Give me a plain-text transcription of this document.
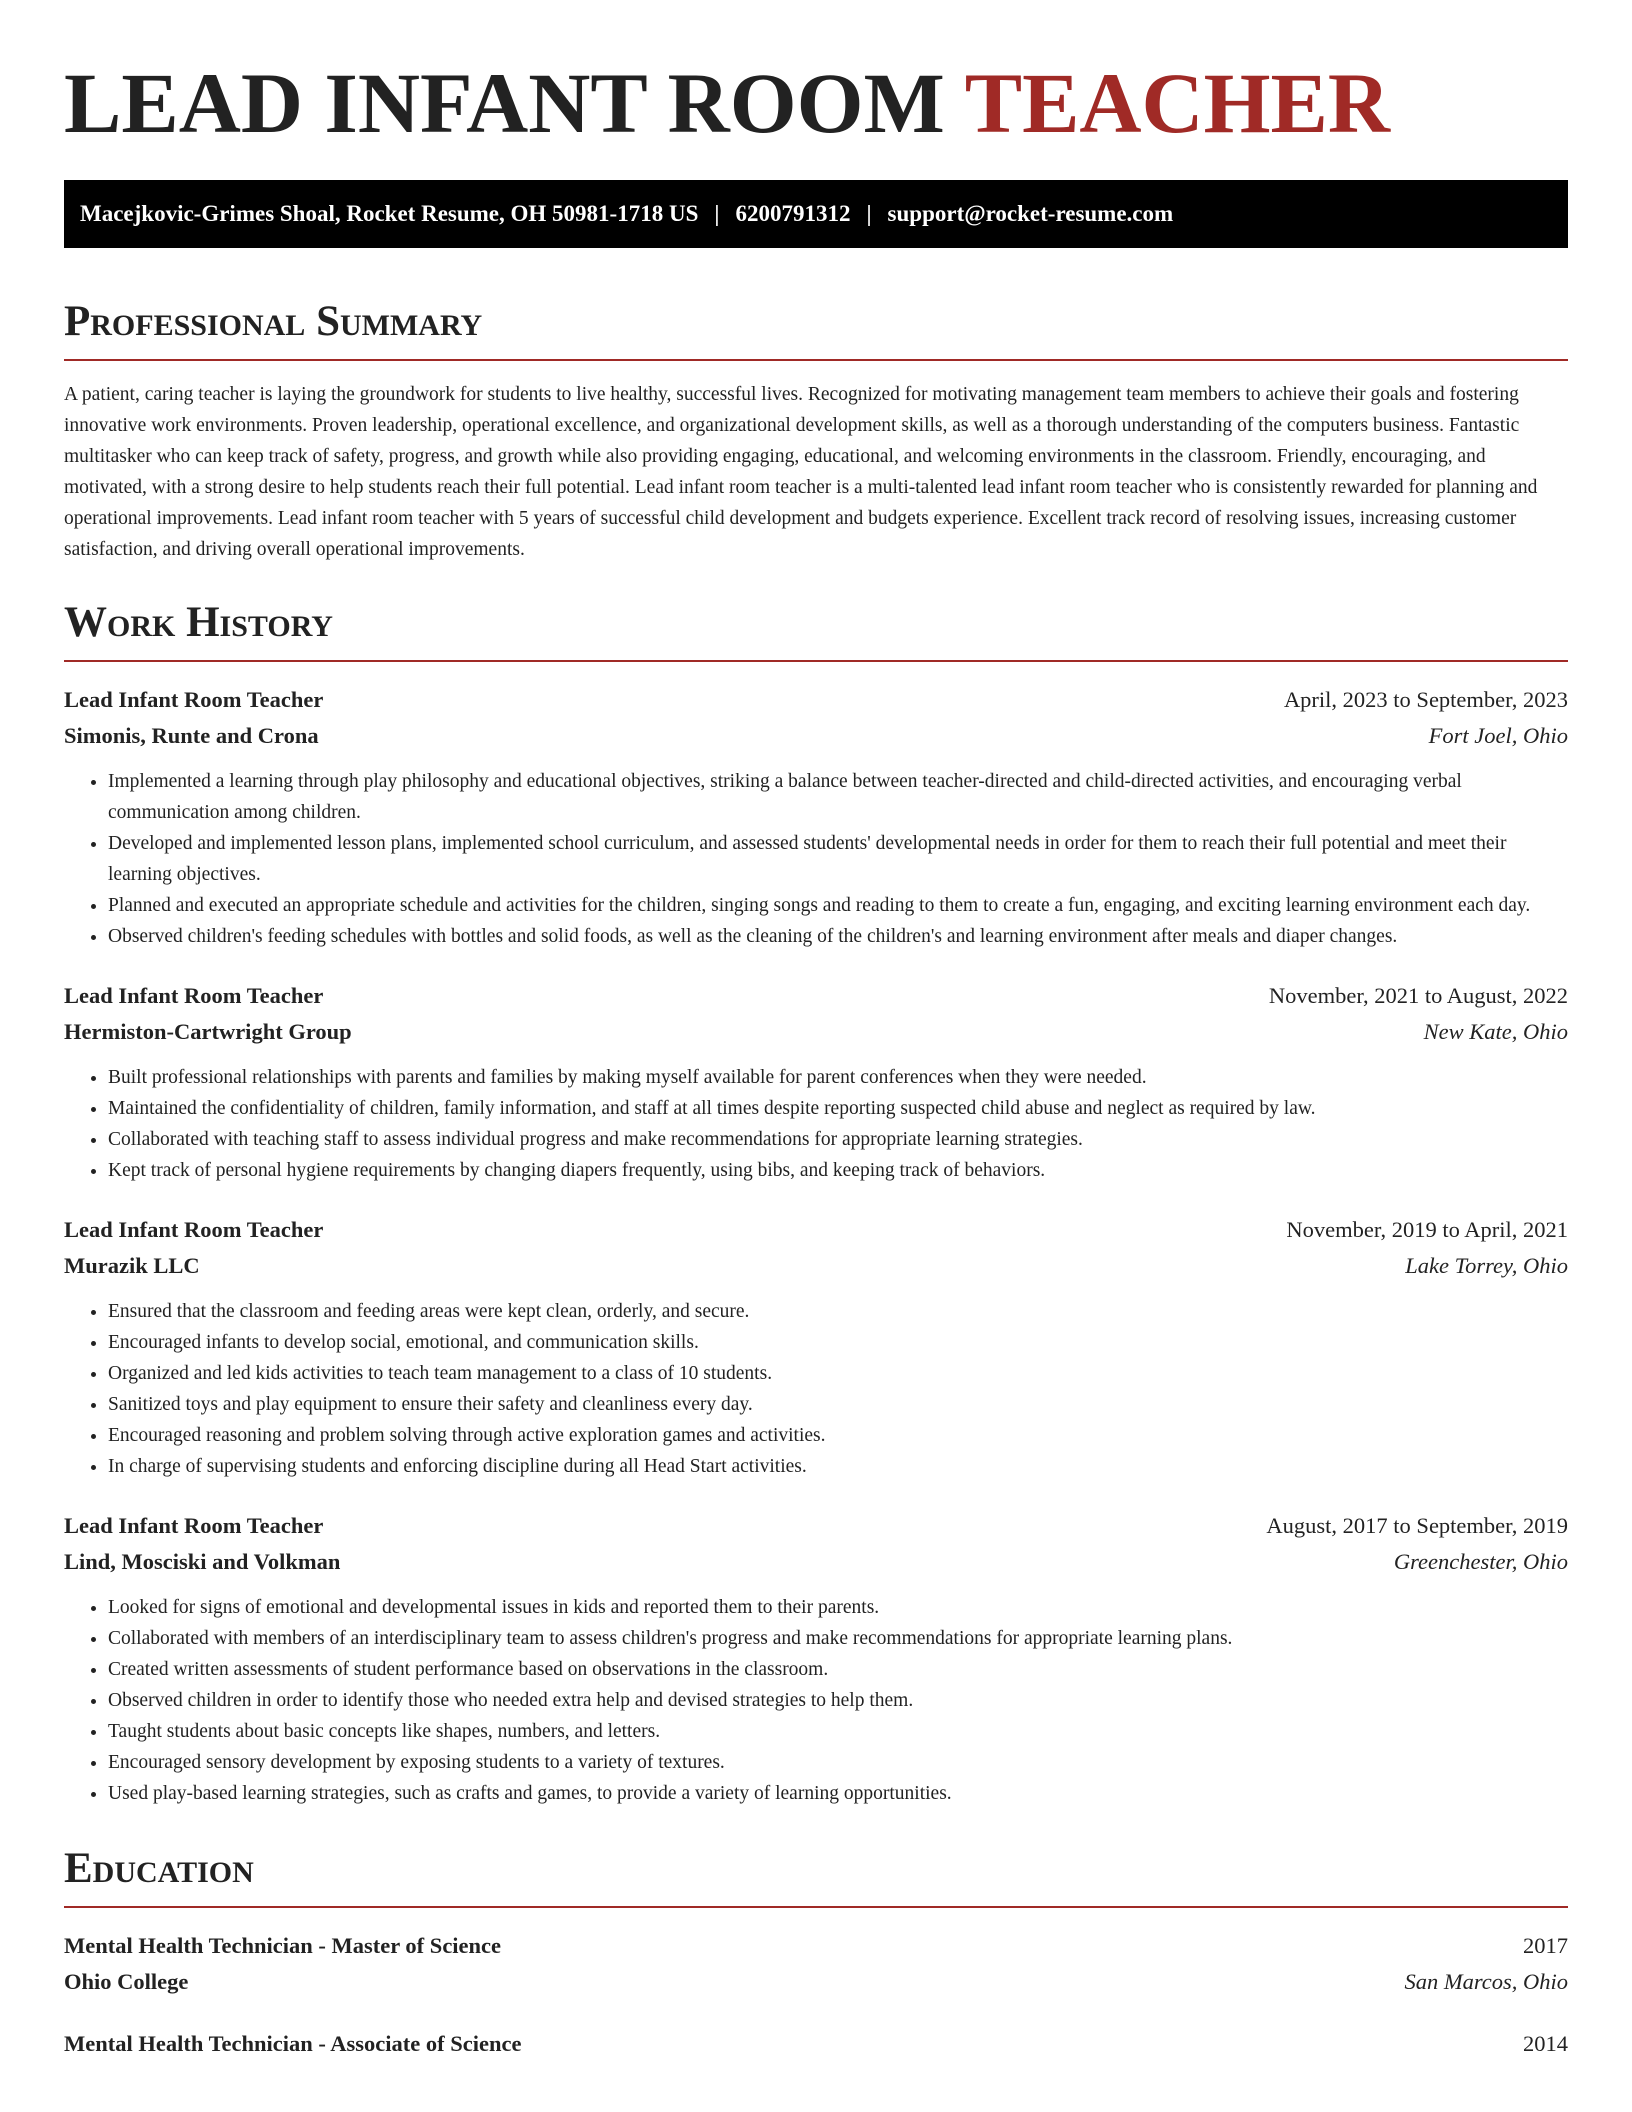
LEAD INFANT ROOM TEACHER
Macejkovic-Grimes Shoal, Rocket Resume, OH 50981-1718 US | 6200791312 | support@rocket-resume.com
Professional Summary

A patient, caring teacher is laying the groundwork for students to live healthy, successful lives. Recognized for motivating management team members to achieve their goals and fostering innovative work environments. Proven leadership, operational excellence, and organizational development skills, as well as a thorough understanding of the computers business. Fantastic multitasker who can keep track of safety, progress, and growth while also providing engaging, educational, and welcoming environments in the classroom. Friendly, encouraging, and motivated, with a strong desire to help students reach their full potential. Lead infant room teacher is a multi-talented lead infant room teacher who is consistently rewarded for planning and operational improvements. Lead infant room teacher with 5 years of successful child development and budgets experience. Excellent track record of resolving issues, increasing customer satisfaction, and driving overall operational improvements.

Work History
Lead Infant Room Teacher	April, 2023 to September, 2023
Simonis, Runte and Crona	Fort Joel, Ohio
• Implemented a learning through play philosophy and educational objectives, striking a balance between teacher-directed and child-directed activities, and encouraging verbal communication among children.
• Developed and implemented lesson plans, implemented school curriculum, and assessed students' developmental needs in order for them to reach their full potential and meet their learning objectives.
• Planned and executed an appropriate schedule and activities for the children, singing songs and reading to them to create a fun, engaging, and exciting learning environment each day.
• Observed children's feeding schedules with bottles and solid foods, as well as the cleaning of the children's and learning environment after meals and diaper changes.
Lead Infant Room Teacher	November, 2021 to August, 2022
Hermiston-Cartwright Group	New Kate, Ohio
• Built professional relationships with parents and families by making myself available for parent conferences when they were needed.
• Maintained the confidentiality of children, family information, and staff at all times despite reporting suspected child abuse and neglect as required by law.
• Collaborated with teaching staff to assess individual progress and make recommendations for appropriate learning strategies.
• Kept track of personal hygiene requirements by changing diapers frequently, using bibs, and keeping track of behaviors.
Lead Infant Room Teacher	November, 2019 to April, 2021
Murazik LLC	Lake Torrey, Ohio
• Ensured that the classroom and feeding areas were kept clean, orderly, and secure.
• Encouraged infants to develop social, emotional, and communication skills.
• Organized and led kids activities to teach team management to a class of 10 students.
• Sanitized toys and play equipment to ensure their safety and cleanliness every day.
• Encouraged reasoning and problem solving through active exploration games and activities.
• In charge of supervising students and enforcing discipline during all Head Start activities.
Lead Infant Room Teacher	August, 2017 to September, 2019
Lind, Mosciski and Volkman	Greenchester, Ohio
• Looked for signs of emotional and developmental issues in kids and reported them to their parents.
• Collaborated with members of an interdisciplinary team to assess children's progress and make recommendations for appropriate learning plans.
• Created written assessments of student performance based on observations in the classroom.
• Observed children in order to identify those who needed extra help and devised strategies to help them.
• Taught students about basic concepts like shapes, numbers, and letters.
• Encouraged sensory development by exposing students to a variety of textures.
• Used play-based learning strategies, such as crafts and games, to provide a variety of learning opportunities.
Education
Mental Health Technician - Master of Science	2017
Ohio College	San Marcos, Ohio
Mental Health Technician - Associate of Science	2014
